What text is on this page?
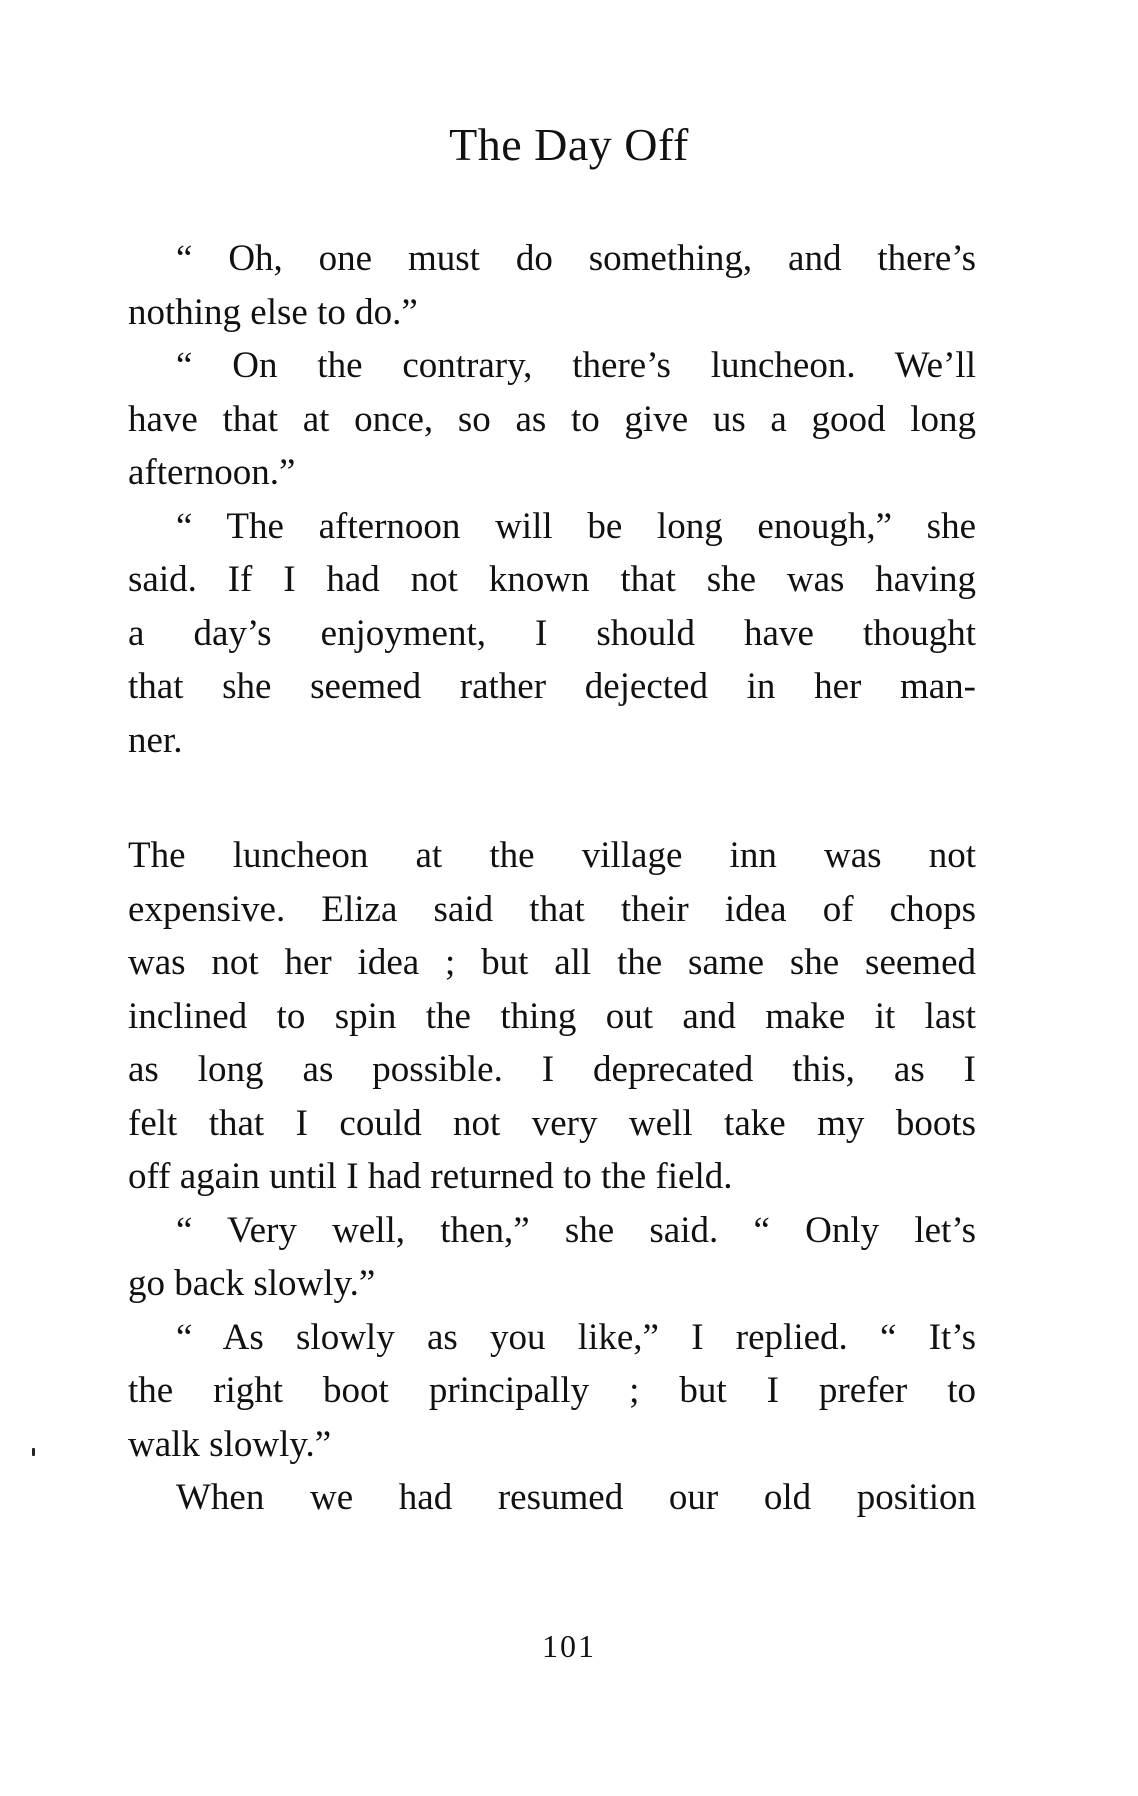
The Day Off
“ Oh, one must do something, and there’s
nothing else to do.”
“ On the contrary, there’s luncheon. We’ll
have that at once, so as to give us a good long
afternoon.”
“ The afternoon will be long enough,” she
said. If I had not known that she was having
a day’s enjoyment, I should have thought
that she seemed rather dejected in her man-
ner.
The luncheon at the village inn was not
expensive. Eliza said that their idea of chops
was not her idea ; but all the same she seemed
inclined to spin the thing out and make it last
as long as possible. I deprecated this, as I
felt that I could not very well take my boots
off again until I had returned to the field.
“ Very well, then,” she said. “ Only let’s
go back slowly.”
“ As slowly as you like,” I replied. “ It’s
the right boot principally ; but I prefer to
walk slowly.”
When we had resumed our old position
101
